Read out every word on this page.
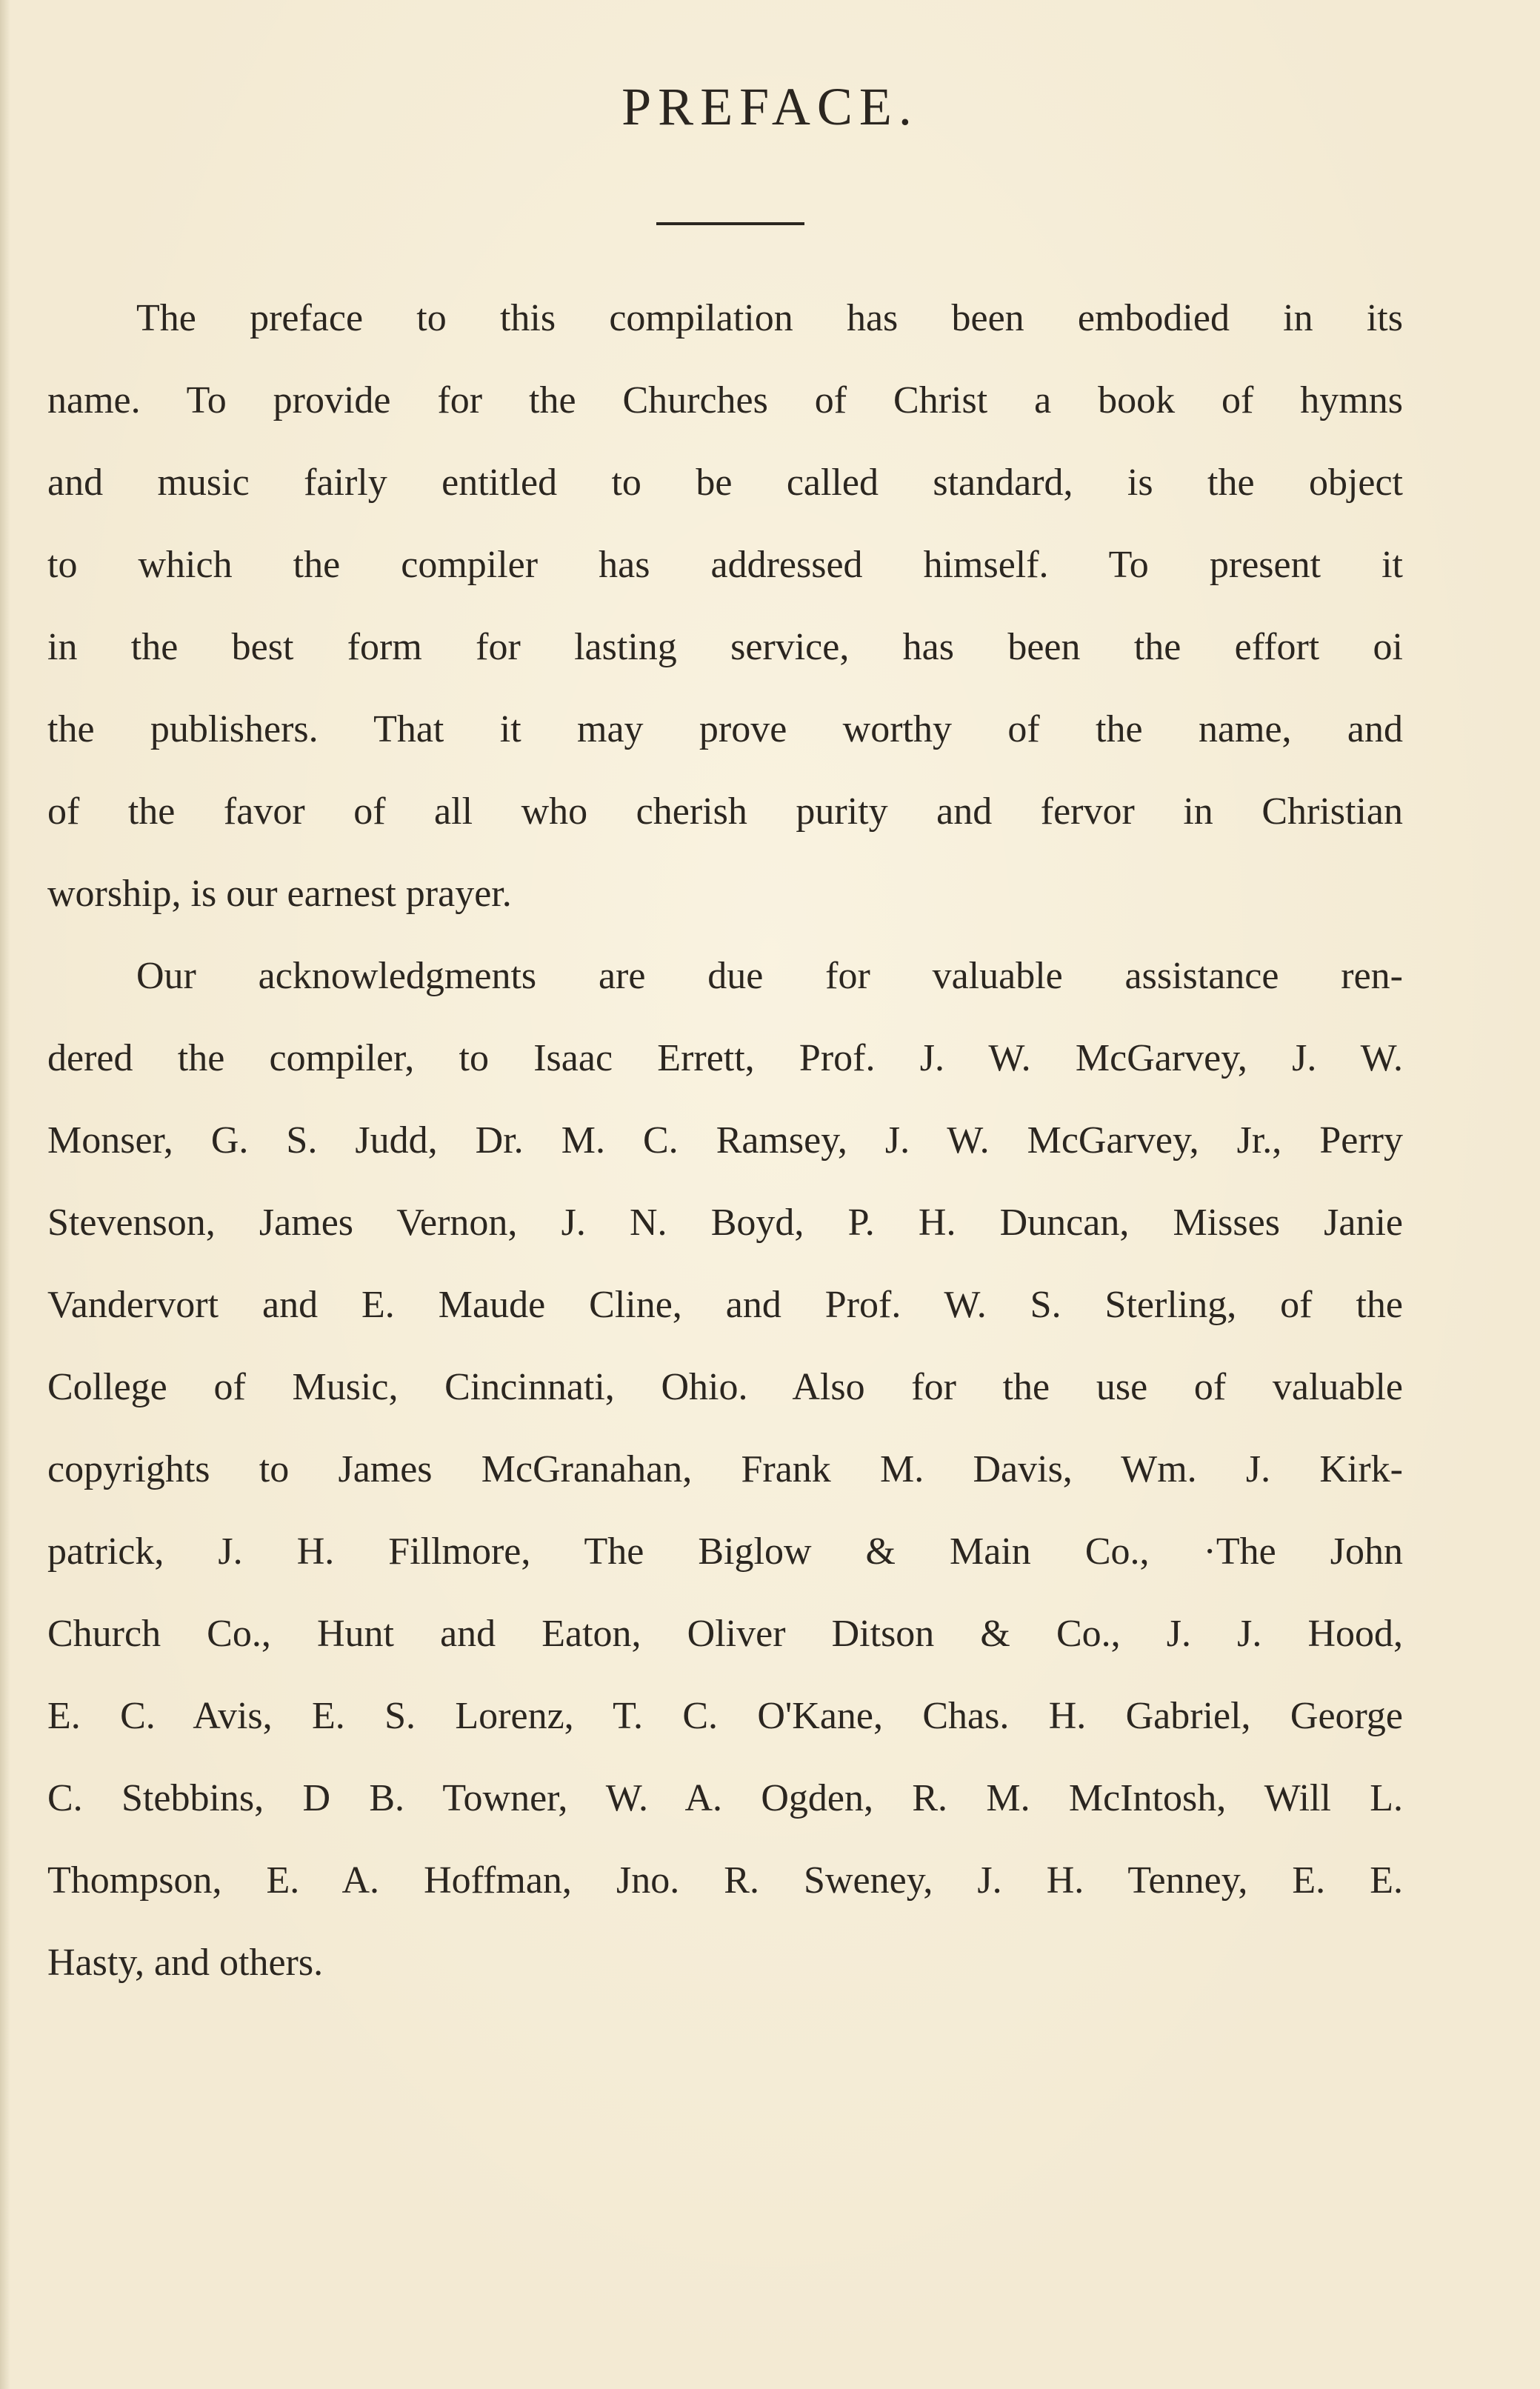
PREFACE.

The preface to this compilation has been embodied in its
name. To provide for the Churches of Christ a book of hymns
and music fairly entitled to be called standard, is the object
to which the compiler has addressed himself. To present it
in the best form for lasting service, has been the effort oi
the publishers. That it may prove worthy of the name, and
of the favor of all who cherish purity and fervor in Christian
worship, is our earnest prayer.

Our acknowledgments are due for valuable assistance ren-
dered the compiler, to Isaac Errett, Prof. J. W. McGarvey, J. W.
Monser, G. S. Judd, Dr. M. C. Ramsey, J. W. McGarvey, Jr., Perry
Stevenson, James Vernon, J. N. Boyd, P. H. Duncan, Misses Janie
Vandervort and E. Maude Cline, and Prof. W. S. Sterling, of the
College of Music, Cincinnati, Ohio. Also for the use of valuable
copyrights to James McGranahan, Frank M. Davis, Wm. J. Kirk-
patrick, J. H. Fillmore, The Biglow & Main Co., ·The John
Church Co., Hunt and Eaton, Oliver Ditson & Co., J. J. Hood,
E. C. Avis, E. S. Lorenz, T. C. O'Kane, Chas. H. Gabriel, George
C. Stebbins, D B. Towner, W. A. Ogden, R. M. McIntosh, Will L.
Thompson, E. A. Hoffman, Jno. R. Sweney, J. H. Tenney, E. E.
Hasty, and others.
